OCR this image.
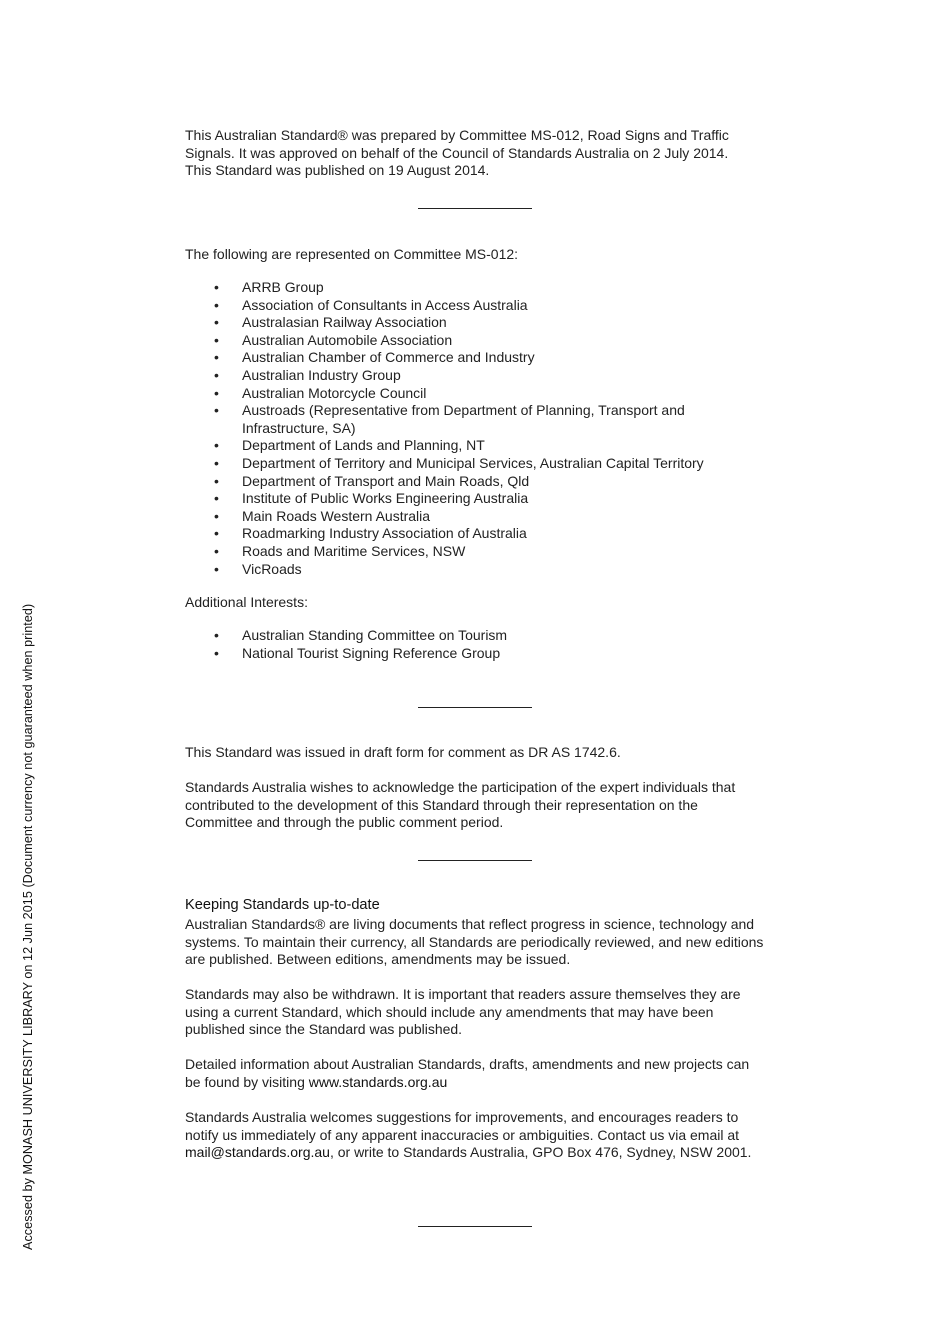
Accessed by MONASH UNIVERSITY LIBRARY on 12 Jun 2015 (Document currency not guaranteed when printed)

This Australian Standard® was prepared by Committee MS-012, Road Signs and Traffic

Signals. It was approved on behalf of the Council of Standards Australia on 2 July 2014.

This Standard was published on 19 August 2014.

The following are represented on Committee MS-012:

• ARRB Group
• Association of Consultants in Access Australia
• Australasian Railway Association
• Australian Automobile Association
• Australian Chamber of Commerce and Industry
• Australian Industry Group
• Australian Motorcycle Council
• Austroads (Representative from Department of Planning, Transport and Infrastructure, SA)
• Department of Lands and Planning, NT
• Department of Territory and Municipal Services, Australian Capital Territory
• Department of Transport and Main Roads, Qld
• Institute of Public Works Engineering Australia
• Main Roads Western Australia
• Roadmarking Industry Association of Australia
• Roads and Maritime Services, NSW
• VicRoads

Additional Interests:

• Australian Standing Committee on Tourism
• National Tourist Signing Reference Group

This Standard was issued in draft form for comment as DR AS 1742.6.

Standards Australia wishes to acknowledge the participation of the expert individuals that

contributed to the development of this Standard through their representation on the

Committee and through the public comment period.

Keeping Standards up-to-date

Australian Standards® are living documents that reflect progress in science, technology and

systems. To maintain their currency, all Standards are periodically reviewed, and new editions

are published. Between editions, amendments may be issued.

Standards may also be withdrawn. It is important that readers assure themselves they are

using a current Standard, which should include any amendments that may have been

published since the Standard was published.

Detailed information about Australian Standards, drafts, amendments and new projects can

be found by visiting www.standards.org.au

Standards Australia welcomes suggestions for improvements, and encourages readers to

notify us immediately of any apparent inaccuracies or ambiguities. Contact us via email at

mail@standards.org.au, or write to Standards Australia, GPO Box 476, Sydney, NSW 2001.
